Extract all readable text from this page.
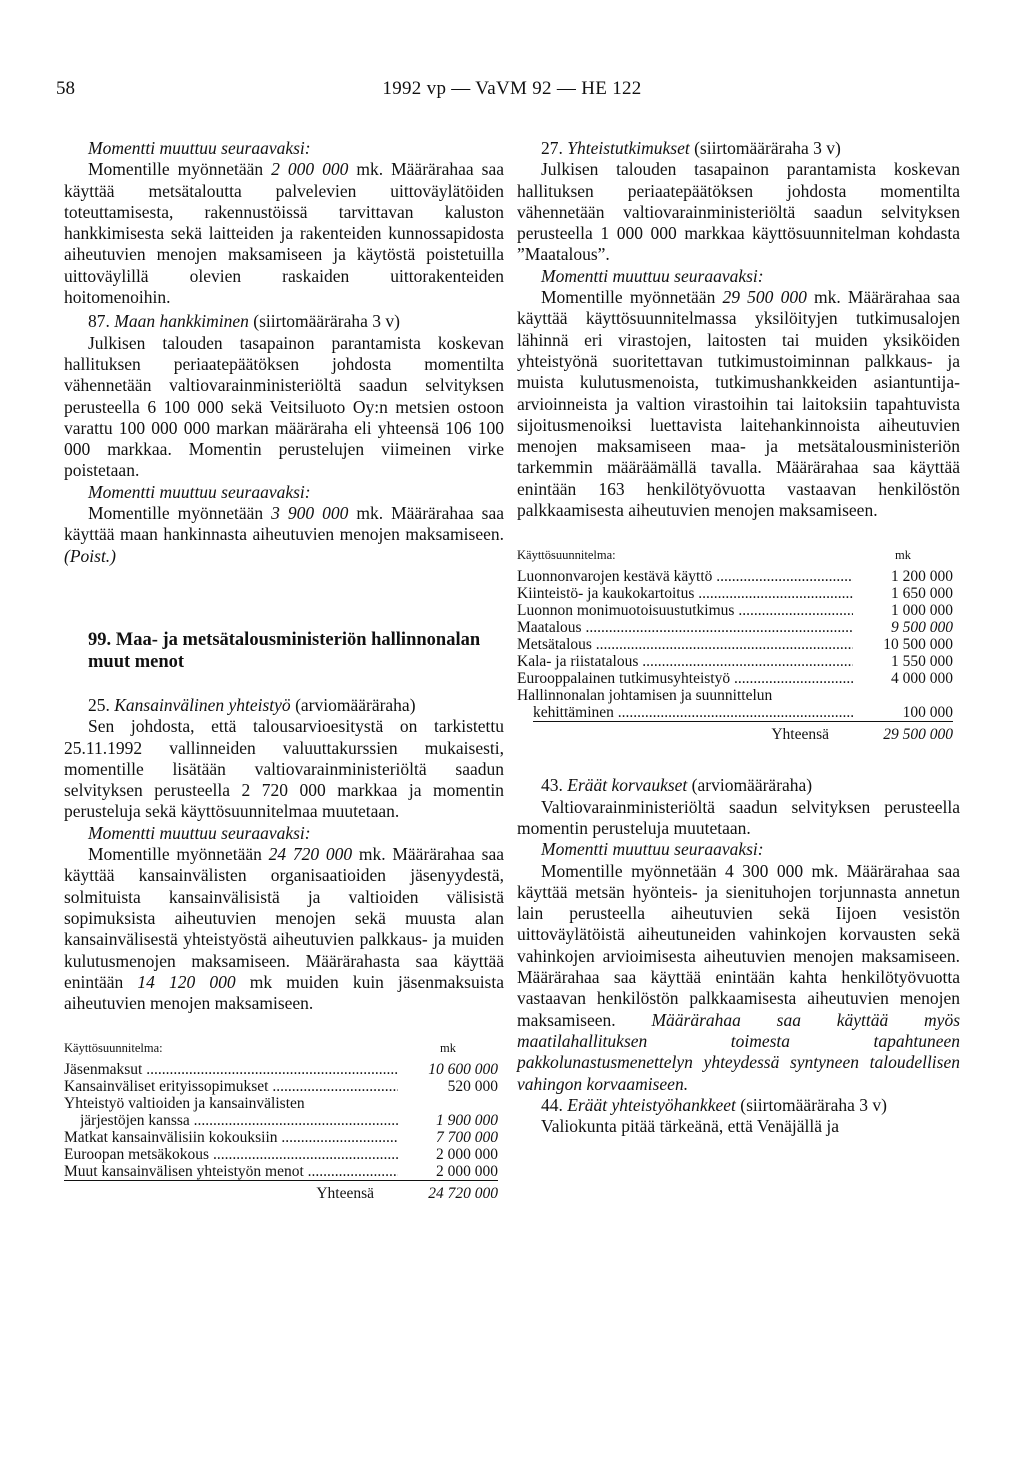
58	1992 vp — VaVM 92 — HE 122

Momentti muuttuu seuraavaksi:

Momentille myönnetään 2 000 000 mk. Määrärahaa saa käyttää metsätaloutta palvelevien uittoväylätöiden toteuttamisesta, rakennustöissä tarvittavan kaluston hankkimisesta sekä laitteiden ja rakenteiden kunnossapidosta aiheutuvien menojen maksamiseen ja käytöstä poistetuilla uittoväylillä olevien raskaiden uittorakenteiden hoitomenoihin.

87. Maan hankkiminen (siirtomääräraha 3 v)

Julkisen talouden tasapainon parantamista koskevan hallituksen periaatepäätöksen johdosta momentilta vähennetään valtiovarainministeriöltä saadun selvityksen perusteella 6 100 000 sekä Veitsiluoto Oy:n metsien ostoon varattu 100 000 000 markan määräraha eli yhteensä 106 100 000 markkaa. Momentin perustelujen viimeinen virke poistetaan.

Momentti muuttuu seuraavaksi:

Momentille myönnetään 3 900 000 mk. Määrärahaa saa käyttää maan hankinnasta aiheutuvien menojen maksamiseen. (Poist.)

99. Maa- ja metsätalousministeriön hallinnonalan muut menot

25. Kansainvälinen yhteistyö (arviomääräraha)

Sen johdosta, että talousarvioesitystä on tarkistettu 25.11.1992 vallinneiden valuuttakurssien mukaisesti, momentille lisätään valtiovarainministeriöltä saadun selvityksen perusteella 2 720 000 markkaa ja momentin perusteluja sekä käyttösuunnitelmaa muutetaan.

Momentti muuttuu seuraavaksi:

Momentille myönnetään 24 720 000 mk. Määrärahaa saa käyttää kansainvälisten organisaatioiden jäsenyydestä, solmituista kansainvälisistä ja valtioiden välisistä sopimuksista aiheutuvien menojen sekä muusta alan kansainvälisestä yhteistyöstä aiheutuvien palkkaus- ja muiden kulutusmenojen maksamiseen. Määrärahasta saa käyttää enintään 14 120 000 mk muiden kuin jäsenmaksuista aiheutuvien menojen maksamiseen.

Käyttösuunnitelma:	mk
Jäsenmaksut .....	10 600 000
Kansainväliset erityissopimukset .....	520 000
Yhteistyö valtioiden ja kansainvälisten
järjestöjen kanssa .....	1 900 000
Matkat kansainvälisiin kokouksiin .....	7 700 000
Euroopan metsäkokous .....	2 000 000
Muut kansainvälisen yhteistyön menot .....	2 000 000
Yhteensä	24 720 000

27. Yhteistutkimukset (siirtomääräraha 3 v)

Julkisen talouden tasapainon parantamista koskevan hallituksen periaatepäätöksen johdosta momentilta vähennetään valtiovarainministeriöltä saadun selvityksen perusteella 1 000 000 markkaa käyttösuunnitelman kohdasta ”Maatalous”.

Momentti muuttuu seuraavaksi:

Momentille myönnetään 29 500 000 mk. Määrärahaa saa käyttää käyttösuunnitelmassa yksilöityjen tutkimusalojen lähinnä eri virastojen, laitosten tai muiden yksiköiden yhteistyönä suoritettavan tutkimustoiminnan palkkaus- ja muista kulutusmenoista, tutkimushankkeiden asiantuntija-arvioinneista ja valtion virastoihin tai laitoksiin tapahtuvista sijoitusmenoiksi luettavista laitehankinnoista aiheutuvien menojen maksamiseen maa- ja metsätalousministeriön tarkemmin määräämällä tavalla. Määrärahaa saa käyttää enintään 163 henkilötyövuotta vastaavan henkilöstön palkkaamisesta aiheutuvien menojen maksamiseen.

Käyttösuunnitelma:	mk
Luonnonvarojen kestävä käyttö .....	1 200 000
Kiinteistö- ja kaukokartoitus .....	1 650 000
Luonnon monimuotoisuustutkimus .....	1 000 000
Maatalous .....	9 500 000
Metsätalous .....	10 500 000
Kala- ja riistatalous .....	1 550 000
Eurooppalainen tutkimusyhteistyö .....	4 000 000
Hallinnonalan johtamisen ja suunnittelun
kehittäminen .....	100 000
Yhteensä	29 500 000

43. Eräät korvaukset (arviomääräraha)

Valtiovarainministeriöltä saadun selvityksen perusteella momentin perusteluja muutetaan.

Momentti muuttuu seuraavaksi:

Momentille myönnetään 4 300 000 mk. Määrärahaa saa käyttää metsän hyönteis- ja sienituhojen torjunnasta annetun lain perusteella aiheutuvien sekä Iijoen vesistön uittoväylätöistä aiheutuneiden vahinkojen korvausten sekä vahinkojen arvioimisesta aiheutuvien menojen maksamiseen. Määrärahaa saa käyttää enintään kahta henkilötyövuotta vastaavan henkilöstön palkkaamisesta aiheutuvien menojen maksamiseen. Määrärahaa saa käyttää myös maatilahallituksen toimesta tapahtuneen pakkolunastusmenettelyn yhteydessä syntyneen taloudellisen vahingon korvaamiseen.

44. Eräät yhteistyöhankkeet (siirtomääräraha 3 v)

Valiokunta pitää tärkeänä, että Venäjällä ja
